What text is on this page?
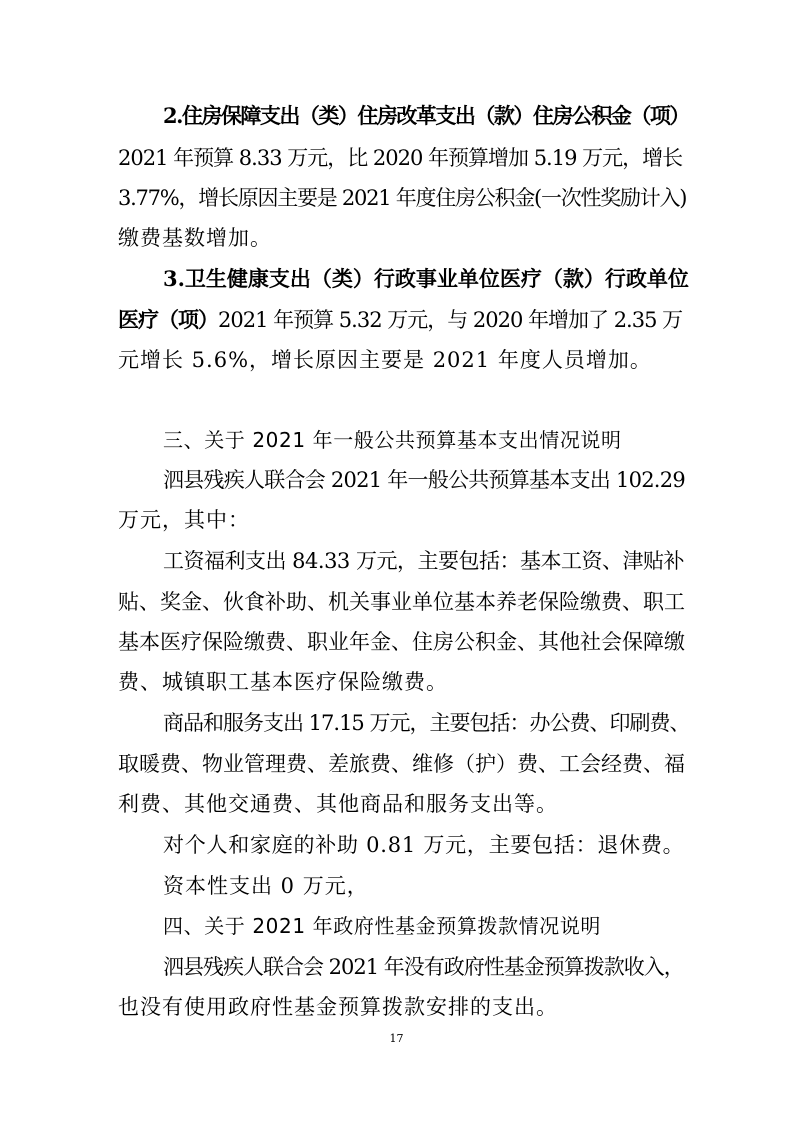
2.住房保障支出（类）住房改革支出（款）住房公积金（项）
2021 年预算 8.33 万元，比 2020 年预算增加 5.19 万元，增长
3.77%，增长原因主要是 2021 年度住房公积金(一次性奖励计入)
缴费基数增加。
3.卫生健康支出（类）行政事业单位医疗（款）行政单位
医疗（项）2021 年预算 5.32 万元，与 2020 年增加了 2.35 万
元增长 5.6%，增长原因主要是 2021 年度人员增加。
三、关于 2021 年一般公共预算基本支出情况说明
泗县残疾人联合会 2021 年一般公共预算基本支出 102.29
万元，其中：
工资福利支出 84.33 万元，主要包括：基本工资、津贴补
贴、奖金、伙食补助、机关事业单位基本养老保险缴费、职工
基本医疗保险缴费、职业年金、住房公积金、其他社会保障缴
费、城镇职工基本医疗保险缴费。
商品和服务支出 17.15 万元，主要包括：办公费、印刷费、
取暖费、物业管理费、差旅费、维修（护）费、工会经费、福
利费、其他交通费、其他商品和服务支出等。
对个人和家庭的补助 0.81 万元，主要包括：退休费。
资本性支出 0 万元，
四、关于 2021 年政府性基金预算拨款情况说明
泗县残疾人联合会 2021 年没有政府性基金预算拨款收入，
也没有使用政府性基金预算拨款安排的支出。
17
